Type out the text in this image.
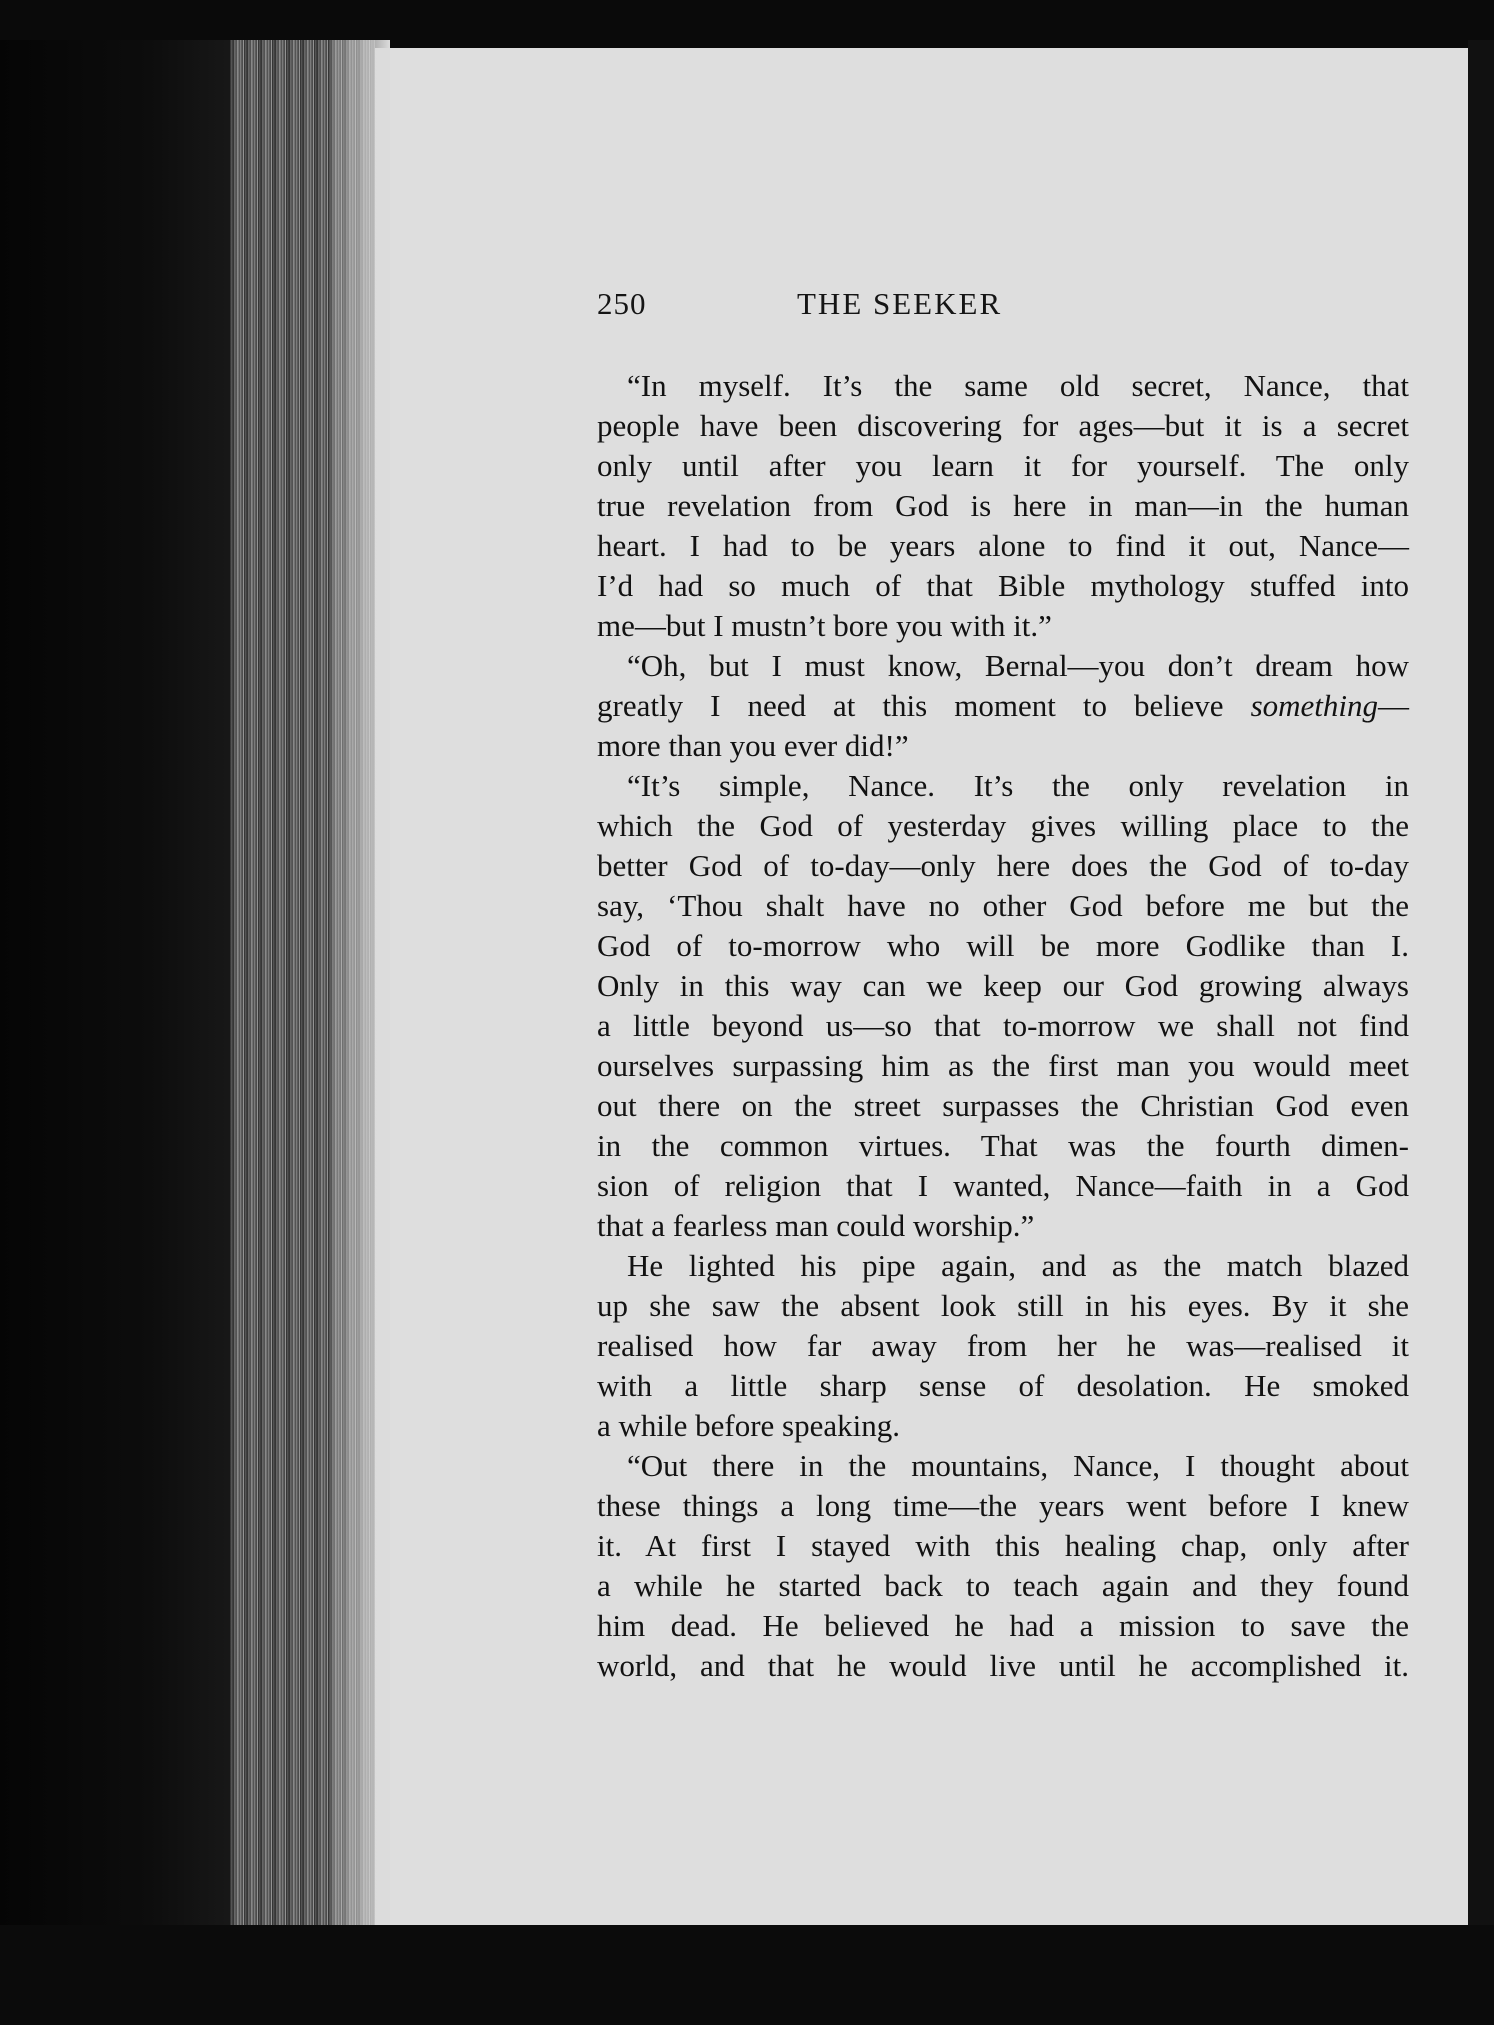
250	THE SEEKER
“In myself. It’s the same old secret, Nance, that
people have been discovering for ages—but it is a secret
only until after you learn it for yourself. The only
true revelation from God is here in man—in the human
heart. I had to be years alone to find it out, Nance—
I’d had so much of that Bible mythology stuffed into
me—but I mustn’t bore you with it.”
“Oh, but I must know, Bernal—you don’t dream how
greatly I need at this moment to believe something—
more than you ever did!”
“It’s simple, Nance. It’s the only revelation in
which the God of yesterday gives willing place to the
better God of to-day—only here does the God of to-day
say, ‘Thou shalt have no other God before me but the
God of to-morrow who will be more Godlike than I.
Only in this way can we keep our God growing always
a little beyond us—so that to-morrow we shall not find
ourselves surpassing him as the first man you would meet
out there on the street surpasses the Christian God even
in the common virtues. That was the fourth dimen-
sion of religion that I wanted, Nance—faith in a God
that a fearless man could worship.”
He lighted his pipe again, and as the match blazed
up she saw the absent look still in his eyes. By it she
realised how far away from her he was—realised it
with a little sharp sense of desolation. He smoked
a while before speaking.
“Out there in the mountains, Nance, I thought about
these things a long time—the years went before I knew
it. At first I stayed with this healing chap, only after
a while he started back to teach again and they found
him dead. He believed he had a mission to save the
world, and that he would live until he accomplished it.
